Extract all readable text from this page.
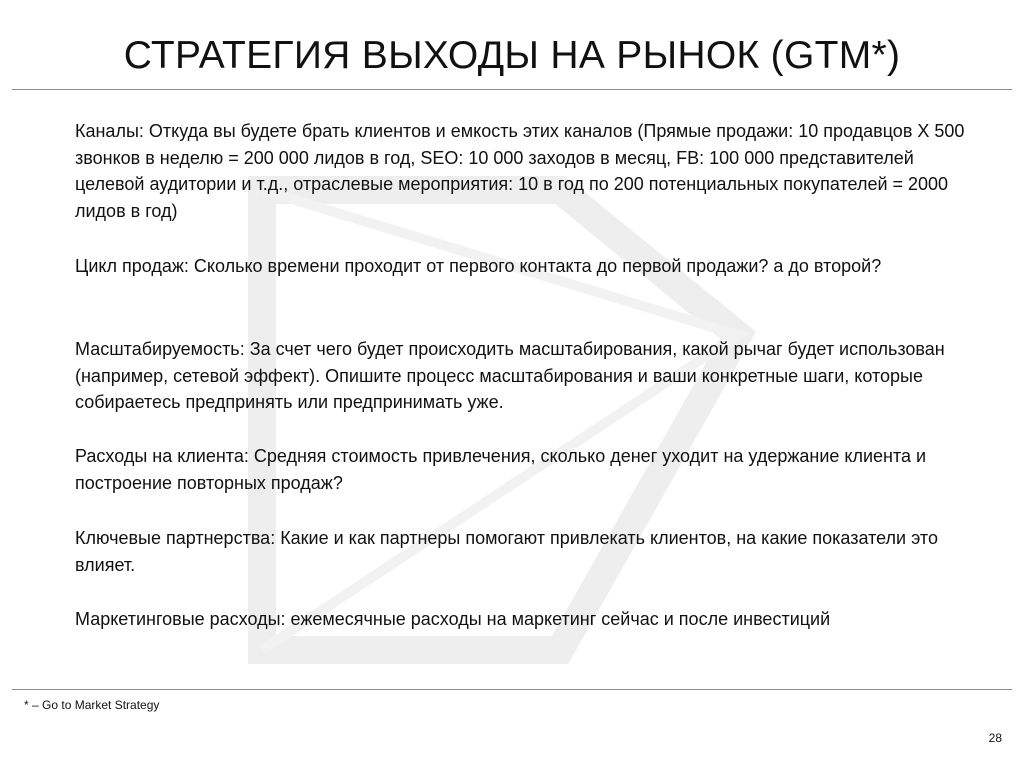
СТРАТЕГИЯ ВЫХОДЫ НА РЫНОК (GTM*)

Каналы: Откуда вы будете брать клиентов и емкость этих каналов (Прямые продажи: 10 продавцов Х 500 звонков в неделю = 200 000 лидов в год, SEO: 10 000 заходов в месяц, FB: 100 000 представителей целевой аудитории и т.д., отраслевые мероприятия: 10 в год по 200 потенциальных покупателей = 2000 лидов в год)

Цикл продаж: Сколько времени проходит от первого контакта до первой продажи? а до второй?

Масштабируемость: За счет чего будет происходить масштабирования, какой рычаг будет использован (например, сетевой эффект). Опишите процесс масштабирования и ваши конкретные шаги, которые собираетесь предпринять или предпринимать уже.

Расходы на клиента: Средняя стоимость привлечения, сколько денег уходит на удержание клиента и построение повторных продаж?

Ключевые партнерства: Какие и как партнеры помогают привлекать клиентов, на какие показатели это влияет.

Маркетинговые расходы: ежемесячные расходы на маркетинг сейчас и после инвестиций

* – Go to Market Strategy
28
